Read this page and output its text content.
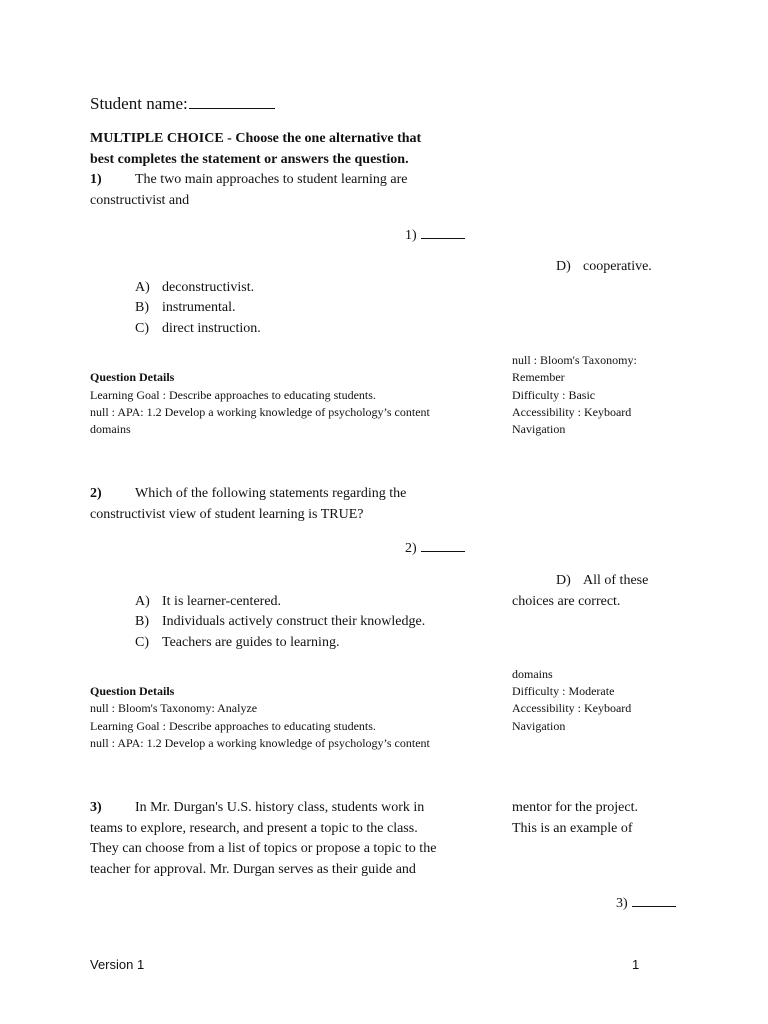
Student name:
MULTIPLE CHOICE - Choose the one alternative that
best completes the statement or answers the question.
1) The two main approaches to student learning are
constructivist and
1)
D) cooperative.
A) deconstructivist.
B) instrumental.
C) direct instruction.
null : Bloom's Taxonomy:
Remember
Difficulty : Basic
Accessibility : Keyboard
Navigation
Question Details
Learning Goal : Describe approaches to educating students.
null : APA: 1.2 Develop a working knowledge of psychology’s content
domains
2) Which of the following statements regarding the
constructivist view of student learning is TRUE?
2)
D) All of these
choices are correct.
A) It is learner-centered.
B) Individuals actively construct their knowledge.
C) Teachers are guides to learning.
domains
Difficulty : Moderate
Accessibility : Keyboard
Navigation
Question Details
null : Bloom's Taxonomy: Analyze
Learning Goal : Describe approaches to educating students.
null : APA: 1.2 Develop a working knowledge of psychology’s content
3) In Mr. Durgan's U.S. history class, students work in
teams to explore, research, and present a topic to the class.
They can choose from a list of topics or propose a topic to the
teacher for approval. Mr. Durgan serves as their guide and
mentor for the project.
This is an example of
3)
Version 1	1
